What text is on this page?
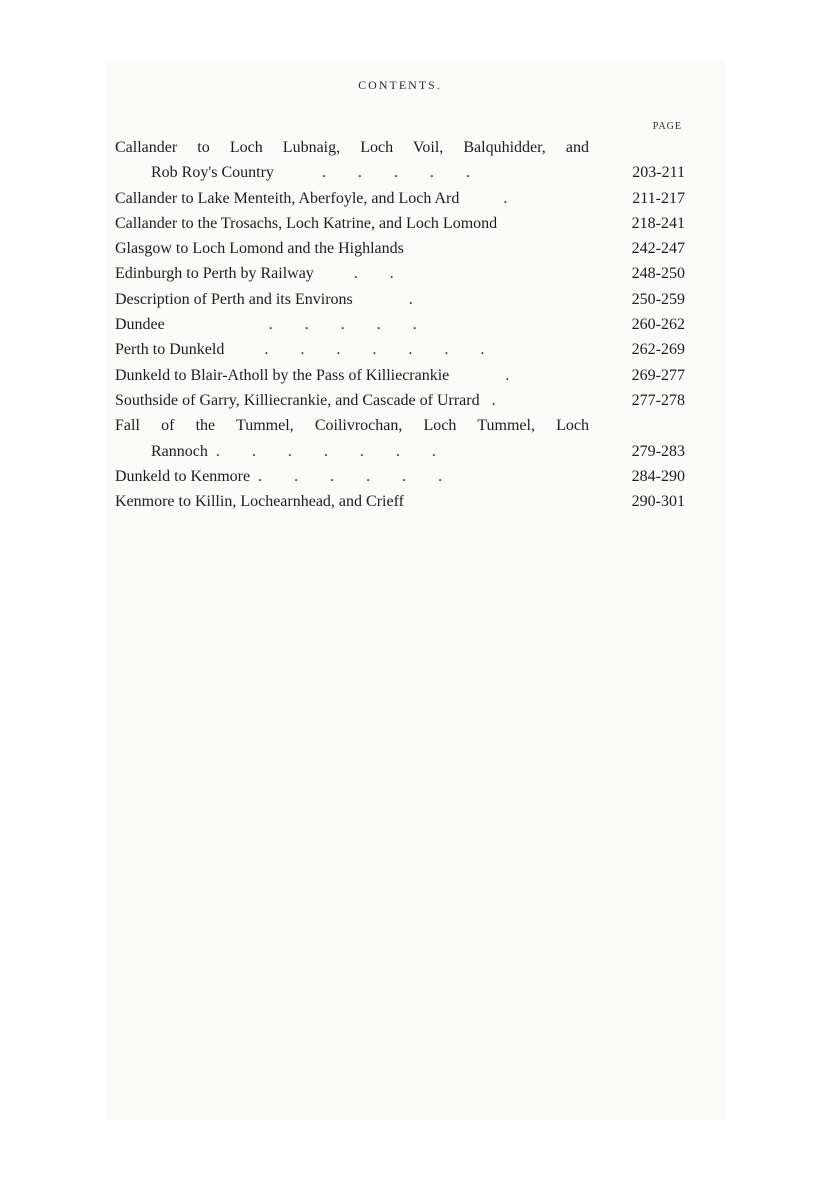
CONTENTS.
PAGE
Callander to Loch Lubnaig, Loch Voil, Balquhidder, and
Rob Roy's Country	.        .        .        .        .	203-211
Callander to Lake Menteith, Aberfoyle, and Loch Ard	.	211-217
Callander to the Trosachs, Loch Katrine, and Loch Lomond	218-241
Glasgow to Loch Lomond and the Highlands	242-247
Edinburgh to Perth by Railway	.        .	248-250
Description of Perth and its Environs	.	250-259
Dundee	.        .        .        .        .	260-262
Perth to Dunkeld	.        .        .        .        .        .        .	262-269
Dunkeld to Blair-Atholl by the Pass of Killiecrankie	.	269-277
Southside of Garry, Killiecrankie, and Cascade of Urrard .	277-278
Fall of the Tummel, Coilivrochan, Loch Tummel, Loch
Rannoch .        .        .        .        .        .        .	279-283
Dunkeld to Kenmore .        .        .        .        .        .	284-290
Kenmore to Killin, Lochearnhead, and Crieff	290-301
